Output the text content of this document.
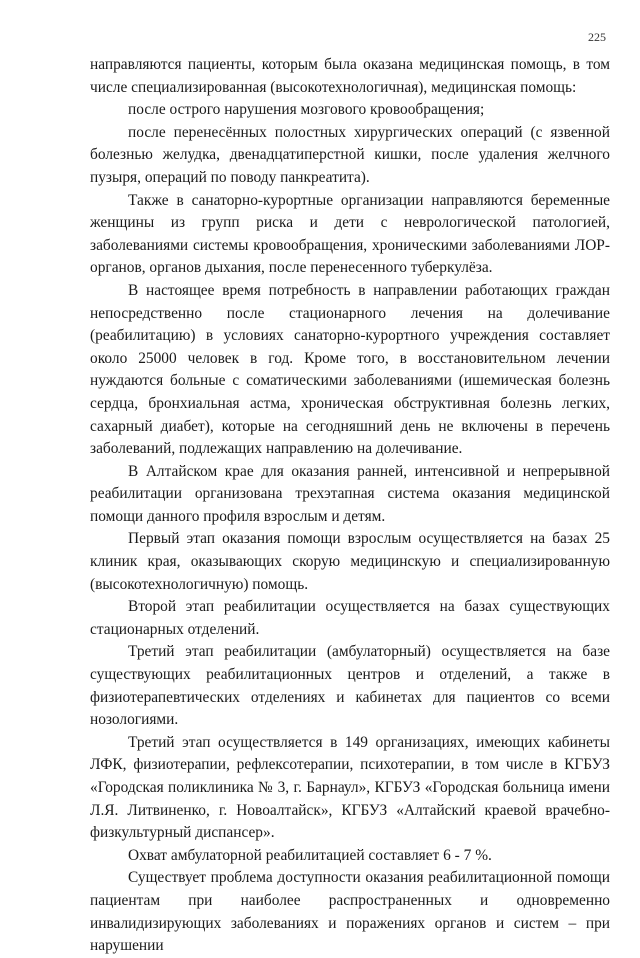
225

направляются пациенты, которым была оказана медицинская помощь, в том числе специализированная (высокотехнологичная), медицинская помощь:

после острого нарушения мозгового кровообращения;

после перенесённых полостных хирургических операций (с язвенной болезнью желудка, двенадцатиперстной кишки, после удаления желчного пузыря, операций по поводу панкреатита).

Также в санаторно-курортные организации направляются беременные женщины из групп риска и дети с неврологической патологией, заболеваниями системы кровообращения, хроническими заболеваниями ЛОР-органов, органов дыхания, после перенесенного туберкулёза.

В настоящее время потребность в направлении работающих граждан непосредственно после стационарного лечения на долечивание (реабилитацию) в условиях санаторно-курортного учреждения составляет около 25000 человек в год. Кроме того, в восстановительном лечении нуждаются больные с соматическими заболеваниями (ишемическая болезнь сердца, бронхиальная астма, хроническая обструктивная болезнь легких, сахарный диабет), которые на сегодняшний день не включены в перечень заболеваний, подлежащих направлению на долечивание.

В Алтайском крае для оказания ранней, интенсивной и непрерывной реабилитации организована трехэтапная система оказания медицинской помощи данного профиля взрослым и детям.

Первый этап оказания помощи взрослым осуществляется на базах 25 клиник края, оказывающих скорую медицинскую и специализированную (высокотехнологичную) помощь.

Второй этап реабилитации осуществляется на базах существующих стационарных отделений.

Третий этап реабилитации (амбулаторный) осуществляется на базе существующих реабилитационных центров и отделений, а также в физиотерапевтических отделениях и кабинетах для пациентов со всеми нозологиями.

Третий этап осуществляется в 149 организациях, имеющих кабинеты ЛФК, физиотерапии, рефлексотерапии, психотерапии, в том числе в КГБУЗ «Городская поликлиника № 3, г. Барнаул», КГБУЗ «Городская больница имени Л.Я. Литвиненко, г. Новоалтайск», КГБУЗ «Алтайский краевой врачебно-физкультурный диспансер».

Охват амбулаторной реабилитацией составляет 6 - 7 %.

Существует проблема доступности оказания реабилитационной помощи пациентам при наиболее распространенных и одновременно инвалидизирующих заболеваниях и поражениях органов и систем – при нарушении
